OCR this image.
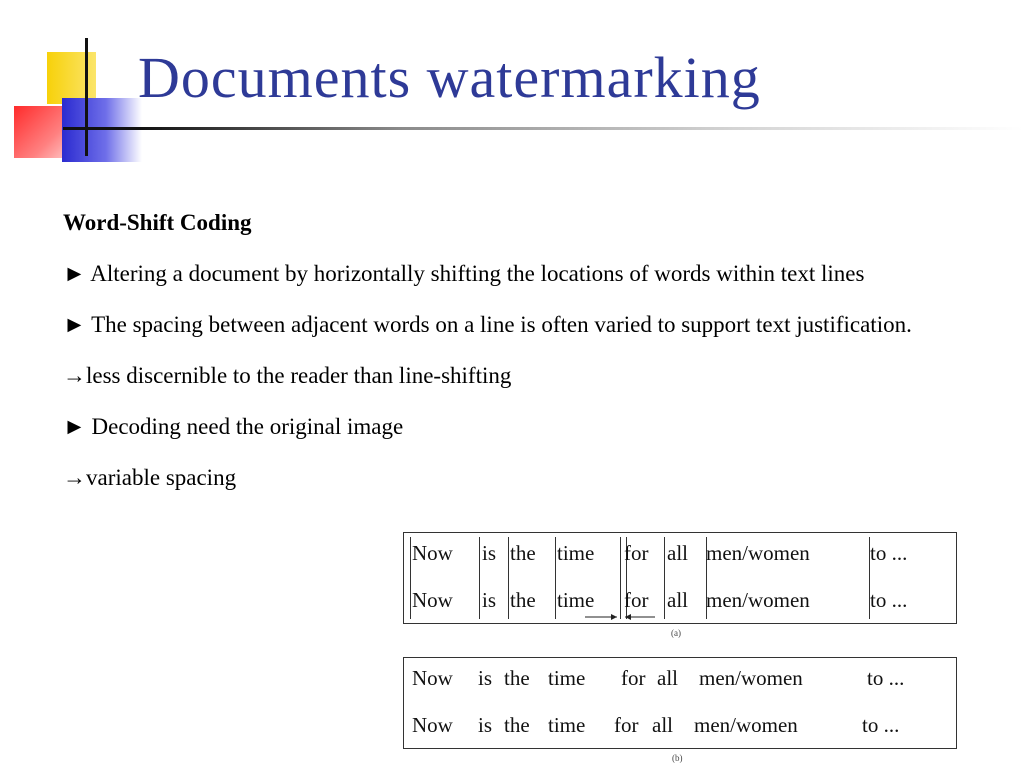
Documents watermarking

Word-Shift Coding

► Altering a document by horizontally shifting the locations of words within text lines

► The spacing between adjacent words on a line is often varied to support text justification.

→less discernible to the reader than line-shifting

► Decoding need the original image

→variable spacing

Now is the time for all men/women	to ...
Now is the time for all men/women	to ...
(a)
Now is the time for all men/women	to ...
Now is the time for all men/women	to ...
(b)
